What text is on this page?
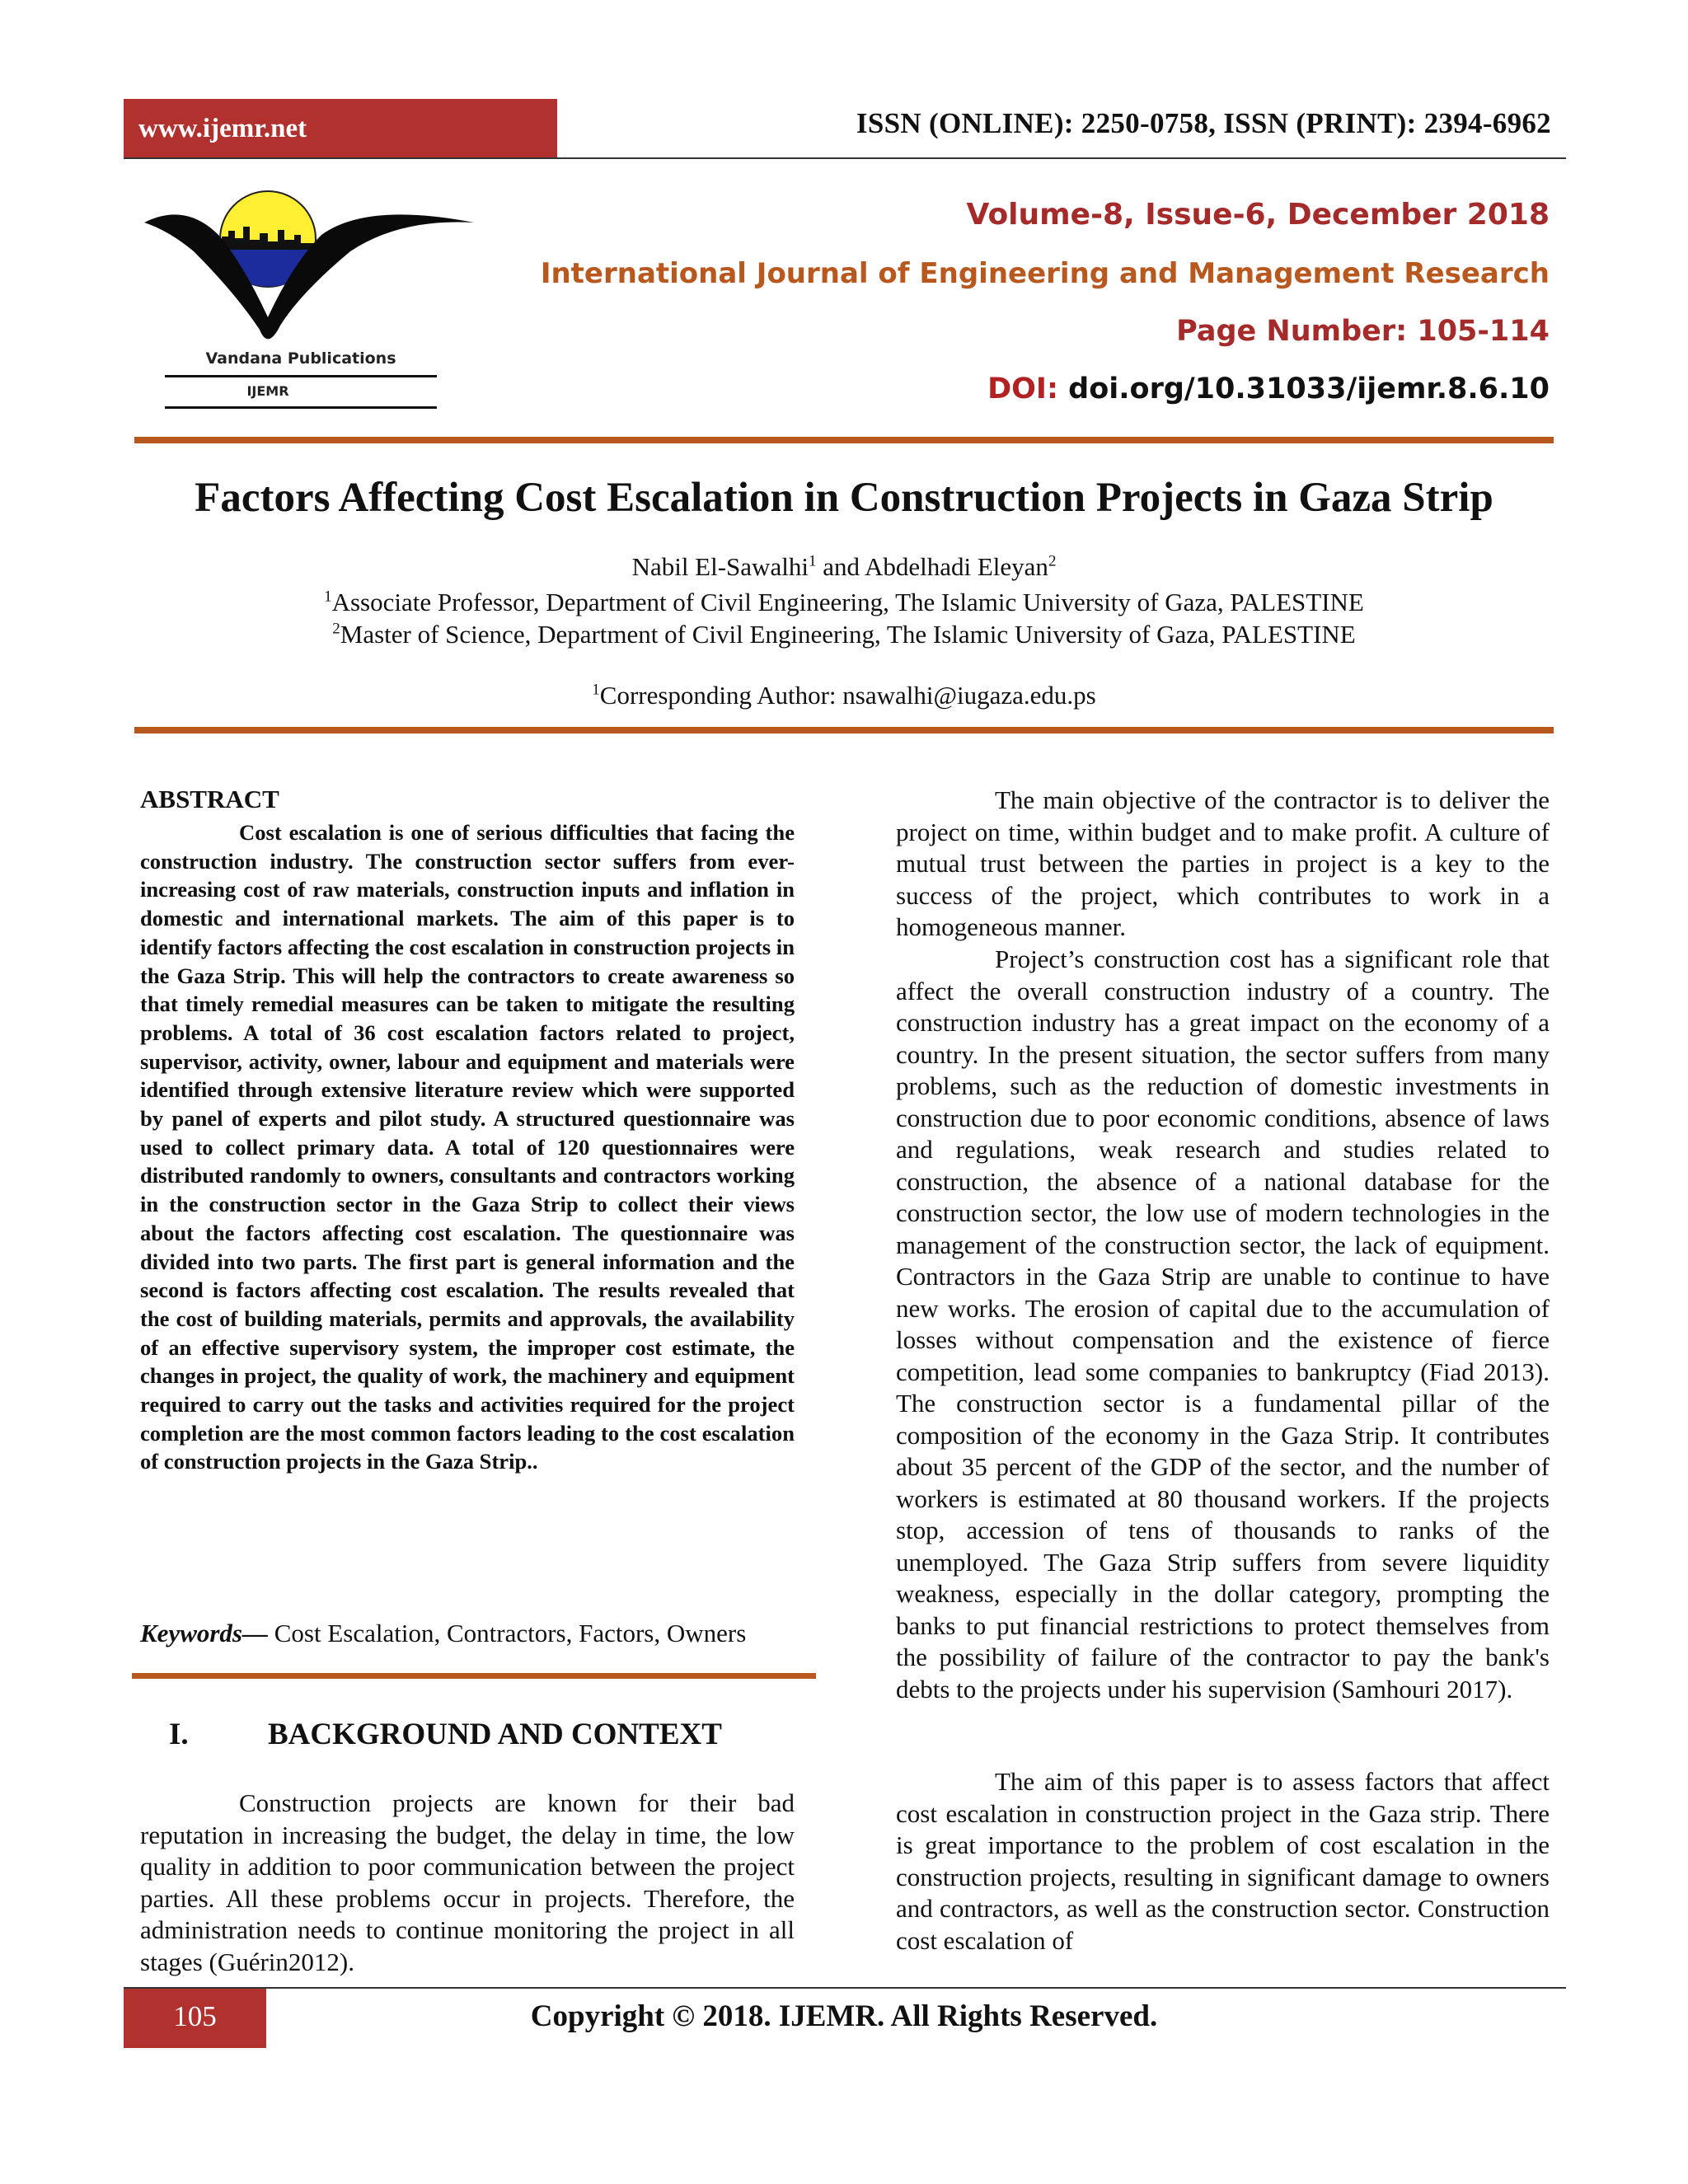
www.ijemr.net	ISSN (ONLINE): 2250-0758, ISSN (PRINT): 2394-6962
Vandana Publications
IJEMR
Volume-8, Issue-6, December 2018
International Journal of Engineering and Management Research
Page Number: 105-114
DOI: doi.org/10.31033/ijemr.8.6.10
Factors Affecting Cost Escalation in Construction Projects in Gaza Strip
Nabil El-Sawalhi$^1$ and Abdelhadi Eleyan$^2$
$^1$Associate Professor, Department of Civil Engineering, The Islamic University of Gaza, PALESTINE
$^2$Master of Science, Department of Civil Engineering, The Islamic University of Gaza, PALESTINE
$^1$Corresponding Author: nsawalhi@iugaza.edu.ps
ABSTRACT

Cost escalation is one of serious difficulties that facing the construction industry. The construction sector suffers from ever-increasing cost of raw materials, construction inputs and inflation in domestic and international markets. The aim of this paper is to identify factors affecting the cost escalation in construction projects in the Gaza Strip. This will help the contractors to create awareness so that timely remedial measures can be taken to mitigate the resulting problems. A total of 36 cost escalation factors related to project, supervisor, activity, owner, labour and equipment and materials were identified through extensive literature review which were supported by panel of experts and pilot study. A structured questionnaire was used to collect primary data. A total of 120 questionnaires were distributed randomly to owners, consultants and contractors working in the construction sector in the Gaza Strip to collect their views about the factors affecting cost escalation. The questionnaire was divided into two parts. The first part is general information and the second is factors affecting cost escalation. The results revealed that the cost of building materials, permits and approvals, the availability of an effective supervisory system, the improper cost estimate, the changes in project, the quality of work, the machinery and equipment required to carry out the tasks and activities required for the project completion are the most common factors leading to the cost escalation of construction projects in the Gaza Strip..

Keywords— Cost Escalation, Contractors, Factors, Owners
I.	BACKGROUND AND CONTEXT

Construction projects are known for their bad reputation in increasing the budget, the delay in time, the low quality in addition to poor communication between the project parties. All these problems occur in projects. Therefore, the administration needs to continue monitoring the project in all stages (Guérin2012).

The main objective of the contractor is to deliver the project on time, within budget and to make profit. A culture of mutual trust between the parties in project is a key to the success of the project, which contributes to work in a homogeneous manner.

Project’s construction cost has a significant role that affect the overall construction industry of a country. The construction industry has a great impact on the economy of a country. In the present situation, the sector suffers from many problems, such as the reduction of domestic investments in construction due to poor economic conditions, absence of laws and regulations, weak research and studies related to construction, the absence of a national database for the construction sector, the low use of modern technologies in the management of the construction sector, the lack of equipment. Contractors in the Gaza Strip are unable to continue to have new works. The erosion of capital due to the accumulation of losses without compensation and the existence of fierce competition, lead some companies to bankruptcy (Fiad 2013). The construction sector is a fundamental pillar of the composition of the economy in the Gaza Strip. It contributes about 35 percent of the GDP of the sector, and the number of workers is estimated at 80 thousand workers. If the projects stop, accession of tens of thousands to ranks of the unemployed. The Gaza Strip suffers from severe liquidity weakness, especially in the dollar category, prompting the banks to put financial restrictions to protect themselves from the possibility of failure of the contractor to pay the bank's debts to the projects under his supervision (Samhouri 2017).

The aim of this paper is to assess factors that affect cost escalation in construction project in the Gaza strip. There is great importance to the problem of cost escalation in the construction projects, resulting in significant damage to owners and contractors, as well as the construction sector. Construction cost escalation of

105	Copyright © 2018. IJEMR. All Rights Reserved.
